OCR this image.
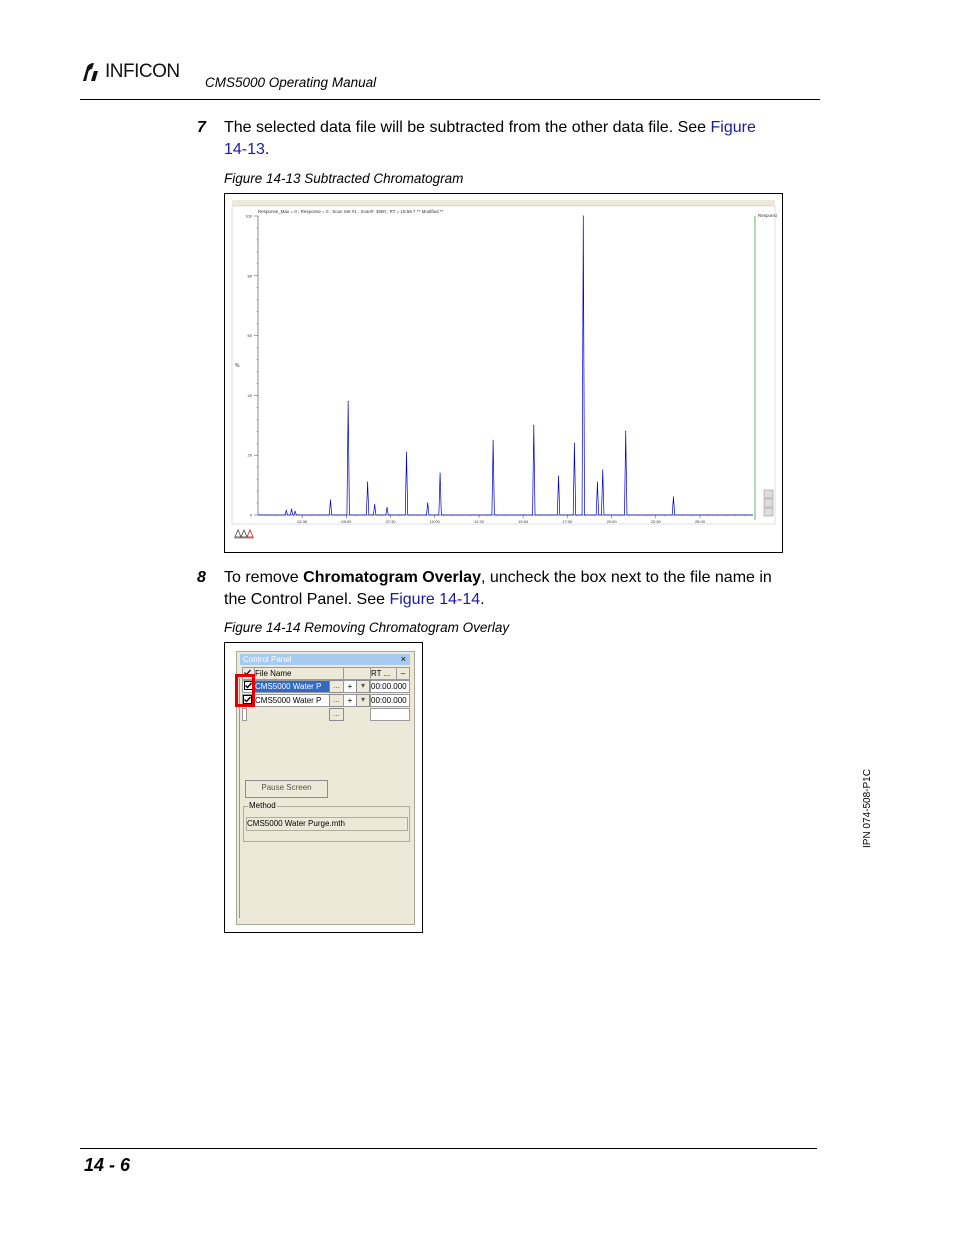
INFICON
CMS5000 Operating Manual
7 The selected data file will be subtracted from the other data file. See Figure
14-13.
Figure 14-13 Subtracted Chromatogram
Response_Max = 0 ; Response = 0 ; Scan Set #1 ; Scan#: 3900 ; RT = 19:59.7 ** Modified **
Responsi
%
0
20
40
60
80
100
02:30	05:00	07:30	10:00	12:30	15:00	17:30	20:00	22:30	25:00
8 To remove Chromatogram Overlay, uncheck the box next to the file name in
the Control Panel. See Figure 14-14.
Figure 14-14 Removing Chromatogram Overlay
Control Panel	×
File Name	RT ...	–
CMS5000 Water P	... +	▾ 00:00.000
CMS5000 Water P	... +	▾ 00:00.000
...
Pause Screen
Method
CMS5000 Water Purge.mth	IPN 074-508-P1C
14 - 6
